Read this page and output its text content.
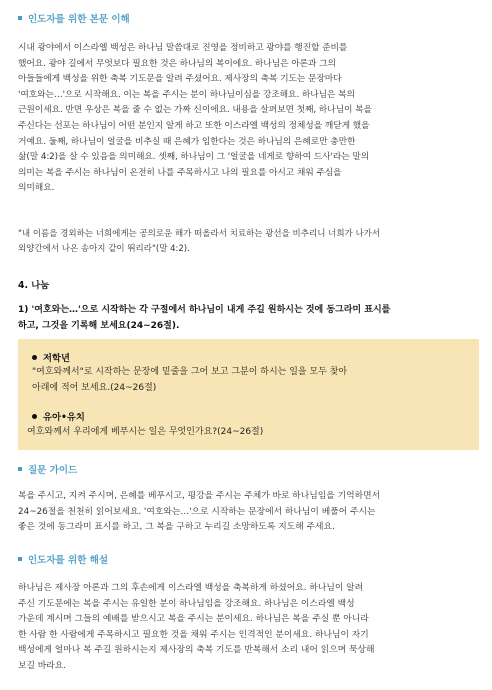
인도자를 위한 본문 이해

시내 광야에서 이스라엘 백성은 하나님 말씀대로 진영을 정비하고 광야를 행진할 준비를

했어요. 광야 길에서 무엇보다 필요한 것은 하나님의 복이에요. 하나님은 아론과 그의

아들들에게 백성을 위한 축복 기도문을 알려 주셨어요. 제사장의 축복 기도는 문장마다

'여호와는…'으로 시작해요. 이는 복을 주시는 분이 하나님이심을 강조해요. 하나님은 복의

근원이세요. 반면 우상은 복을 줄 수 없는 가짜 신이에요. 내용을 살펴보면 첫째, 하나님이 복을

주신다는 선포는 하나님이 어떤 분인지 알게 하고 또한 이스라엘 백성의 정체성을 깨닫게 했을

거예요. 둘째, 하나님이 얼굴을 비추실 때 은혜가 임한다는 것은 하나님의 은혜로만 충만한

삶(말 4:2)을 살 수 있음을 의미해요. 셋째, 하나님이 그 '얼굴을 네게로 향하여 드사'라는 말의

의미는 복을 주시는 하나님이 온전히 나를 주목하시고 나의 필요를 아시고 채워 주심을

의미해요.

"내 이름을 경외하는 너희에게는 공의로운 해가 떠올라서 치료하는 광선을 비추리니 너희가 나가서

외양간에서 나온 송아지 같이 뛰리라"(말 4:2).

4. 나눔

1) '여호와는…'으로 시작하는 각 구절에서 하나님이 내게 주길 원하시는 것에 동그라미 표시를

하고, 그것을 기록해 보세요(24~26절).

저학년

"여호와께서"로 시작하는 문장에 밑줄을 그어 보고 그분이 하시는 일을 모두 찾아

아래에 적어 보세요.(24~26절)

유아•유치

여호와께서 우리에게 베푸시는 일은 무엇인가요?(24~26절)

질문 가이드

복을 주시고, 지켜 주시며, 은혜를 베푸시고, 평강을 주시는 주체가 바로 하나님임을 기억하면서

24~26절을 천천히 읽어보세요. '여호와는…'으로 시작하는 문장에서 하나님이 베풀어 주시는

좋은 것에 동그라미 표시를 하고, 그 복을 구하고 누리길 소망하도록 지도해 주세요.

인도자를 위한 해설

하나님은 제사장 아론과 그의 후손에게 이스라엘 백성을 축복하게 하셨어요. 하나님이 알려

주신 기도문에는 복을 주시는 유일한 분이 하나님임을 강조해요. 하나님은 이스라엘 백성

가운데 계시며 그들의 예배를 받으시고 복을 주시는 분이세요. 하나님은 복을 주실 뿐 아니라

한 사람 한 사람에게 주목하시고 필요한 것을 채워 주시는 인격적인 분이세요. 하나님이 자기

백성에게 얼마나 복 주길 원하시는지 제사장의 축복 기도를 반복해서 소리 내어 읽으며 묵상해

보길 바라요.
